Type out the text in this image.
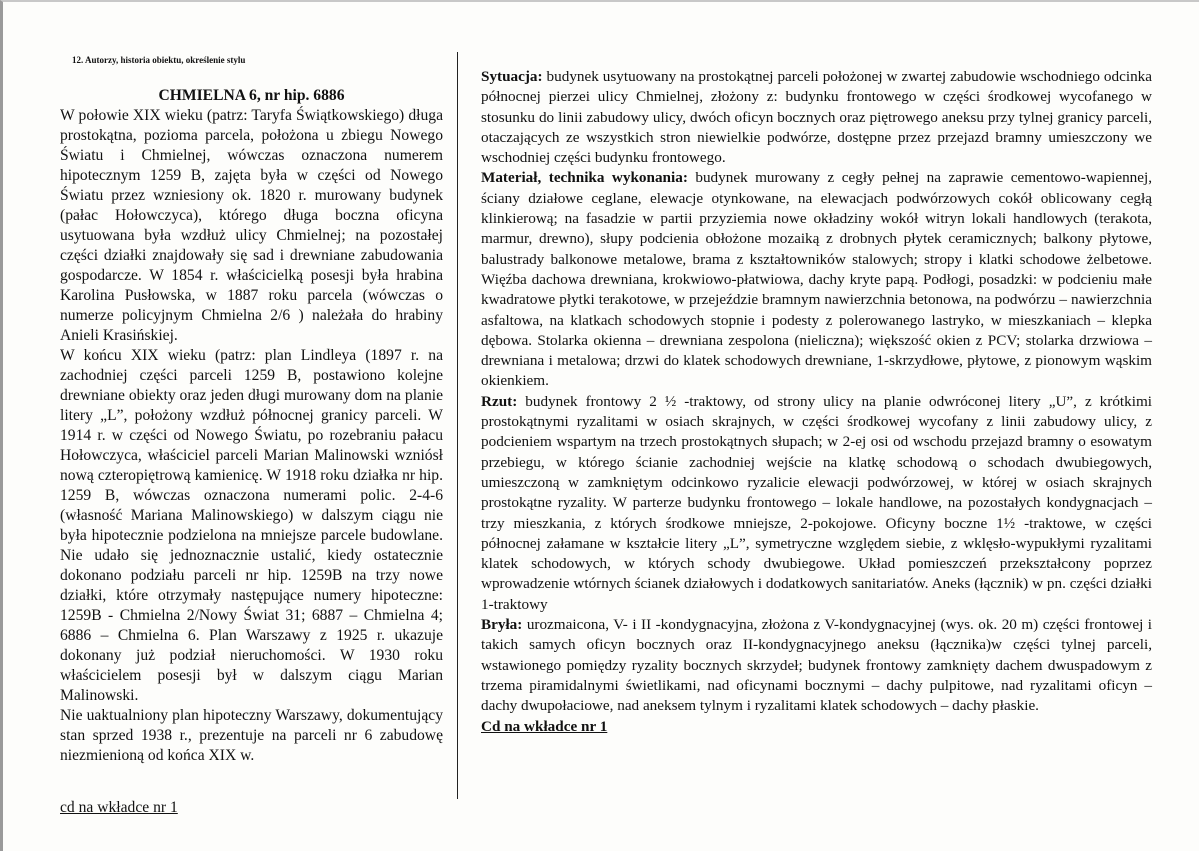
12. Autorzy, historia obiektu, określenie stylu

CHMIELNA 6, nr hip. 6886

W połowie XIX wieku (patrz: Taryfa Świątkowskiego) długa prostokątna, pozioma parcela, położona u zbiegu Nowego Światu i Chmielnej, wówczas oznaczona numerem hipotecznym 1259 B, zajęta była w części od Nowego Światu przez wzniesiony ok. 1820 r. murowany budynek (pałac Hołowczyca), którego długa boczna oficyna usytuowana była wzdłuż ulicy Chmielnej; na pozostałej części działki znajdowały się sad i drewniane zabudowania gospodarcze. W 1854 r. właścicielką posesji była hrabina Karolina Pusłowska, w 1887 roku parcela (wówczas o numerze policyjnym Chmielna 2/6 ) należała do hrabiny Anieli Krasińskiej.

W końcu XIX wieku (patrz: plan Lindleya (1897 r. na zachodniej części parceli 1259 B, postawiono kolejne drewniane obiekty oraz jeden długi murowany dom na planie litery „L”, położony wzdłuż północnej granicy parceli. W 1914 r. w części od Nowego Światu, po rozebraniu pałacu Hołowczyca, właściciel parceli Marian Malinowski wzniósł nową czteropiętrową kamienicę. W 1918 roku działka nr hip. 1259 B, wówczas oznaczona numerami polic. 2-4-6 (własność Mariana Malinowskiego) w dalszym ciągu nie była hipotecznie podzielona na mniejsze parcele budowlane. Nie udało się jednoznacznie ustalić, kiedy ostatecznie dokonano podziału parceli nr hip. 1259B na trzy nowe działki, które otrzymały następujące numery hipoteczne: 1259B - Chmielna 2/Nowy Świat 31; 6887 – Chmielna 4; 6886 – Chmielna 6. Plan Warszawy z 1925 r. ukazuje dokonany już podział nieruchomości. W 1930 roku właścicielem posesji był w dalszym ciągu Marian Malinowski.

Nie uaktualniony plan hipoteczny Warszawy, dokumentujący stan sprzed 1938 r., prezentuje na parceli nr 6 zabudowę niezmienioną od końca XIX w.

cd na wkładce nr 1

Sytuacja: budynek usytuowany na prostokątnej parceli położonej w zwartej zabudowie wschodniego odcinka północnej pierzei ulicy Chmielnej, złożony z: budynku frontowego w części środkowej wycofanego w stosunku do linii zabudowy ulicy, dwóch oficyn bocznych oraz piętrowego aneksu przy tylnej granicy parceli, otaczających ze wszystkich stron niewielkie podwórze, dostępne przez przejazd bramny umieszczony we wschodniej części budynku frontowego.

Materiał, technika wykonania: budynek murowany z cegły pełnej na zaprawie cementowo-wapiennej, ściany działowe ceglane, elewacje otynkowane, na elewacjach podwórzowych cokół oblicowany cegłą klinkierową; na fasadzie w partii przyziemia nowe okładziny wokół witryn lokali handlowych (terakota, marmur, drewno), słupy podcienia obłożone mozaiką z drobnych płytek ceramicznych; balkony płytowe, balustrady balkonowe metalowe, brama z kształtowników stalowych; stropy i klatki schodowe żelbetowe. Więźba dachowa drewniana, krokwiowo-płatwiowa, dachy kryte papą. Podłogi, posadzki: w podcieniu małe kwadratowe płytki terakotowe, w przejeździe bramnym nawierzchnia betonowa, na podwórzu – nawierzchnia asfaltowa, na klatkach schodowych stopnie i podesty z polerowanego lastryko, w mieszkaniach – klepka dębowa. Stolarka okienna – drewniana zespolona (nieliczna); większość okien z PCV; stolarka drzwiowa – drewniana i metalowa; drzwi do klatek schodowych drewniane, 1-skrzydłowe, płytowe, z pionowym wąskim okienkiem.

Rzut: budynek frontowy 2 ½ -traktowy, od strony ulicy na planie odwróconej litery „U”, z krótkimi prostokątnymi ryzalitami w osiach skrajnych, w części środkowej wycofany z linii zabudowy ulicy, z podcieniem wspartym na trzech prostokątnych słupach; w 2-ej osi od wschodu przejazd bramny o esowatym przebiegu, w którego ścianie zachodniej wejście na klatkę schodową o schodach dwubiegowych, umieszczoną w zamkniętym odcinkowo ryzalicie elewacji podwórzowej, w której w osiach skrajnych prostokątne ryzality. W parterze budynku frontowego – lokale handlowe, na pozostałych kondygnacjach – trzy mieszkania, z których środkowe mniejsze, 2-pokojowe. Oficyny boczne 1½ -traktowe, w części północnej załamane w kształcie litery „L”, symetryczne względem siebie, z wklęsło-wypukłymi ryzalitami klatek schodowych, w których schody dwubiegowe. Układ pomieszczeń przekształcony poprzez wprowadzenie wtórnych ścianek działowych i dodatkowych sanitariatów. Aneks (łącznik) w pn. części działki 1-traktowy

Bryła: urozmaicona, V- i II -kondygnacyjna, złożona z V-kondygnacyjnej (wys. ok. 20 m) części frontowej i takich samych oficyn bocznych oraz II-kondygnacyjnego aneksu (łącznika)w części tylnej parceli, wstawionego pomiędzy ryzality bocznych skrzydeł; budynek frontowy zamknięty dachem dwuspadowym z trzema piramidalnymi świetlikami, nad oficynami bocznymi – dachy pulpitowe, nad ryzalitami oficyn – dachy dwupołaciowe, nad aneksem tylnym i ryzalitami klatek schodowych – dachy płaskie.

Cd na wkładce nr 1
